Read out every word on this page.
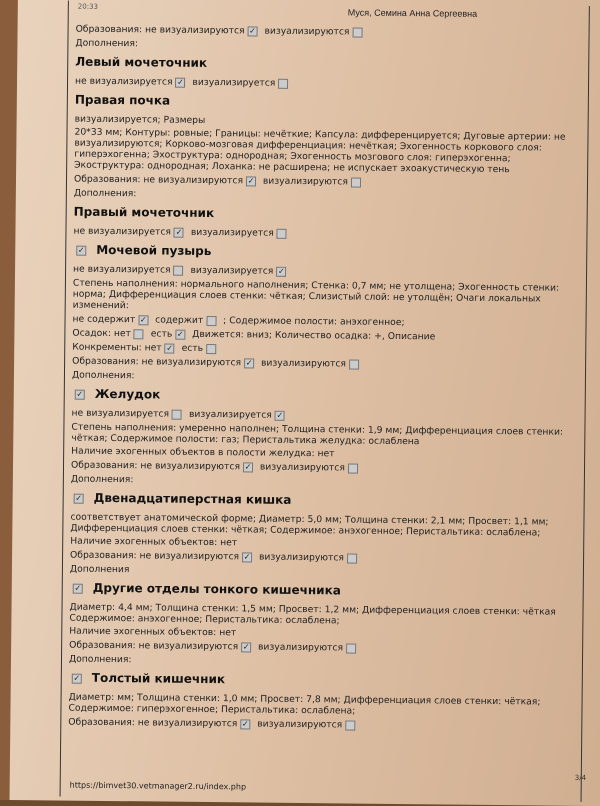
20:33
Муся, Семина Анна Сергеевна
Образования: не визуализируются ✓ визуализируются
Дополнения:
Левый мочеточник
не визуализируется ✓ визуализируется
Правая почка
визуализируется; Размеры
20*33 мм; Контуры: ровные; Границы: нечёткие; Капсула: дифференцируется; Дуговые артерии: не визуализируются; Корково-мозговая дифференциация: нечёткая; Эхогенность коркового слоя: гиперэхогенна; Эхоструктура: однородная; Эхогенность мозгового слоя: гиперэхогенна; Экоструктура: однородная; Лоханка: не расширена; не испускает эхоакустическую тень
Образования: не визуализируются ✓ визуализируются
Дополнения:
Правый мочеточник
не визуализируется ✓ визуализируется
✓
Мочевой пузырь
не визуализируется визуализируется✓
Степень наполнения: нормального наполнения; Стенка: 0,7 мм; не утолщена; Эхогенность стенки: норма; Дифференциация слоев стенки: чёткая; Слизистый слой: не утолщён; Очаги локальных изменений:
не содержит ✓ содержит ; Содержимое полости: анэхогенное;
Осадок: нет есть ✓ Движется: вниз; Количество осадка: +, Описание
Конкременты: нет ✓ есть
Образования: не визуализируются ✓ визуализируются
Дополнения:
✓
Желудок
не визуализируется визуализируется✓
Степень наполнения: умеренно наполнен; Толщина стенки: 1,9 мм; Дифференциация слоев стенки: чёткая; Содержимое полости: газ; Перистальтика желудка: ослаблена
Наличие эхогенных объектов в полости желудка: нет
Образования: не визуализируются ✓ визуализируются
Дополнения:
✓
Двенадцатиперстная кишка
соответствует анатомической форме; Диаметр: 5,0 мм; Толщина стенки: 2,1 мм; Просвет: 1,1 мм; Дифференциация слоев стенки: чёткая; Содержимое: анэхогенное; Перистальтика: ослаблена;
Наличие эхогенных объектов: нет
Образования: не визуализируются ✓ визуализируются
Дополнения
✓
Другие отделы тонкого кишечника
Диаметр: 4,4 мм; Толщина стенки: 1,5 мм; Просвет: 1,2 мм; Дифференциация слоев стенки: чёткая Содержимое: анэхогенное; Перистальтика: ослаблена;
Наличие эхогенных объектов: нет
Образования: не визуализируются ✓ визуализируются
Дополнения:
✓
Толстый кишечник
Диаметр: мм; Толщина стенки: 1,0 мм; Просвет: 7,8 мм; Дифференциация слоев стенки: чёткая; Содержимое: гиперэхогенное; Перистальтика: ослаблена;
Образования: не визуализируются ✓ визуализируются
3/4
https://bimvet30.vetmanager2.ru/index.php
